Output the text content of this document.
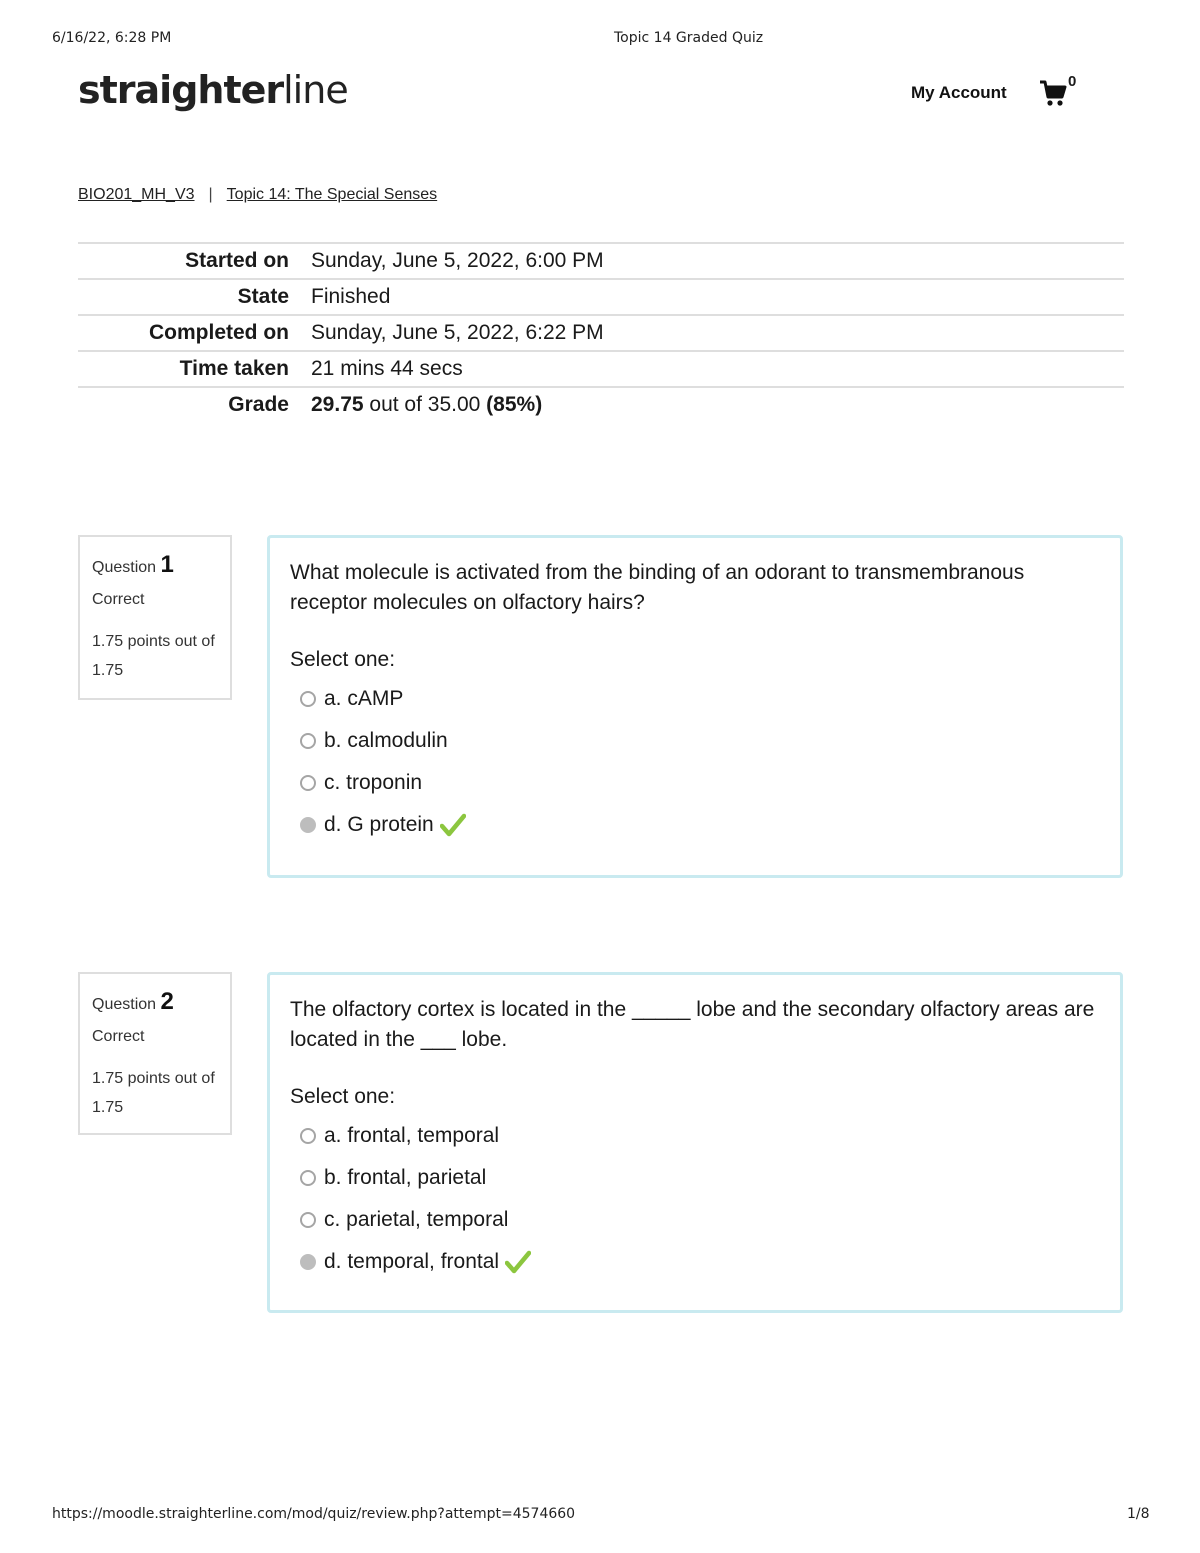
6/16/22, 6:28 PM	Topic 14 Graded Quiz
straighterline	My Account
0
BIO201_MH_V3 | Topic 14: The Special Senses
Started on	Sunday, June 5, 2022, 6:00 PM
State	Finished
Completed on	Sunday, June 5, 2022, 6:22 PM
Time taken	21 mins 44 secs
Grade	29.75 out of 35.00 (85%)
Question 1
Correct
1.75 points out of 1.75
What molecule is activated from the binding of an odorant to transmembranous receptor molecules on olfactory hairs?
Select one:
a. cAMP
b. calmodulin
c. troponin
d. G protein
Question 2
Correct
1.75 points out of 1.75
The olfactory cortex is located in the _____ lobe and the secondary olfactory areas are located in the ___ lobe.
Select one:
a. frontal, temporal
b. frontal, parietal
c. parietal, temporal
d. temporal, frontal
https://moodle.straighterline.com/mod/quiz/review.php?attempt=4574660	1/8
